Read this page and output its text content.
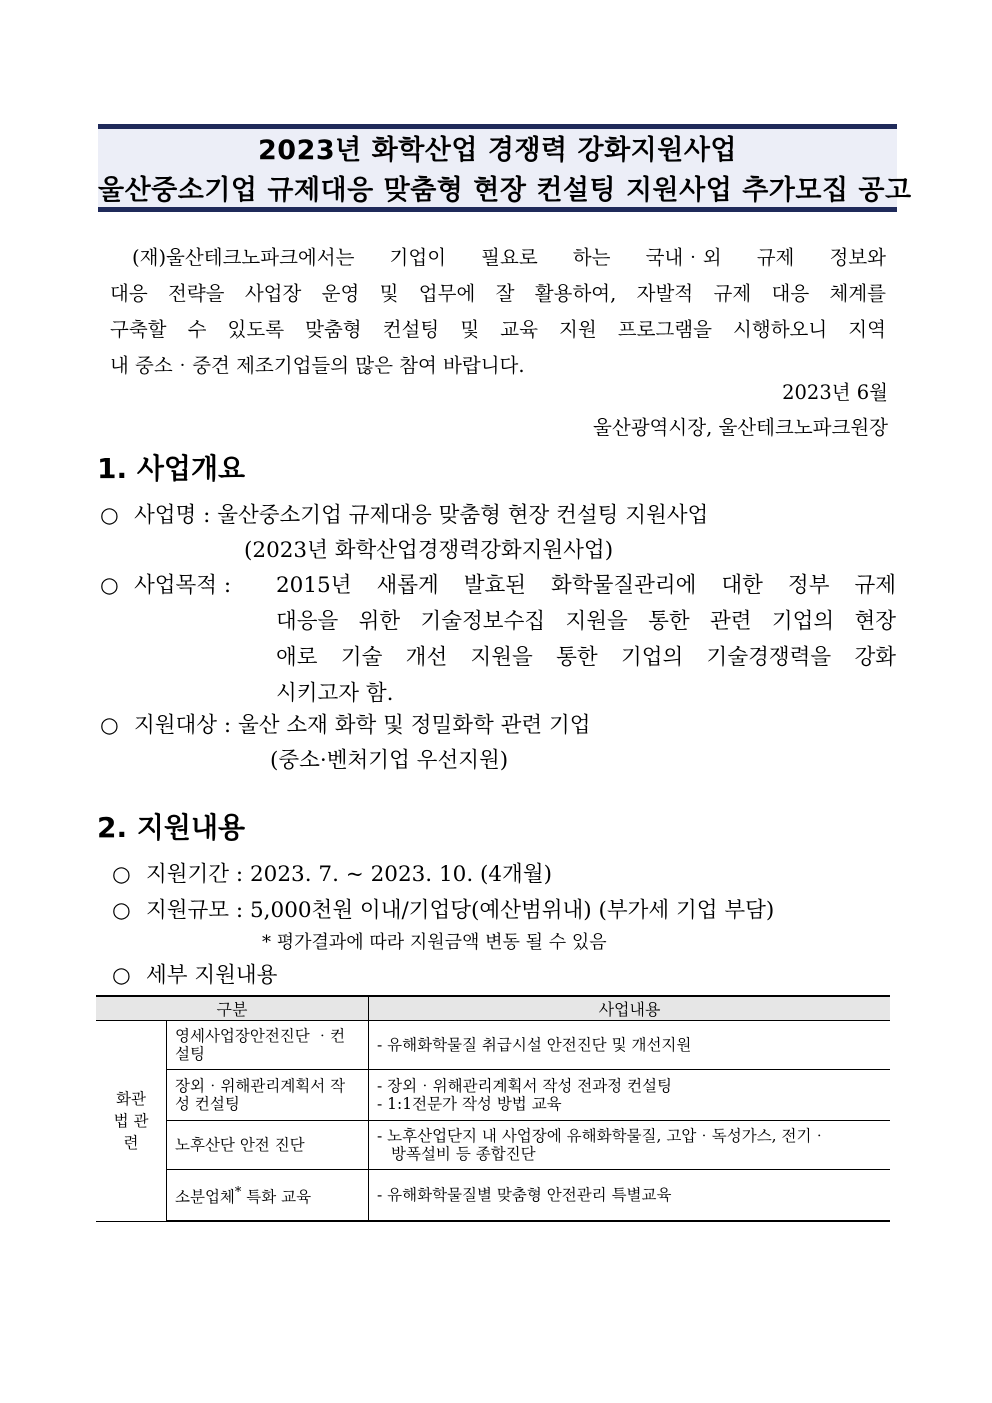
2023년 화학산업 경쟁력 강화지원사업
울산중소기업 규제대응 맞춤형 현장 컨설팅 지원사업 추가모집 공고

(재)울산테크노파크에서는 기업이 필요로 하는 국내‧외 규제 정보와
대응 전략을 사업장 운영 및 업무에 잘 활용하여, 자발적 규제 대응 체계를
구축할 수 있도록 맞춤형 컨설팅 및 교육 지원 프로그램을 시행하오니 지역

내 중소‧중견 제조기업들의 많은 참여 바랍니다.

2023년 6월
울산광역시장, 울산테크노파크원장
1. 사업개요
○ 사업명 : 울산중소기업 규제대응 맞춤형 현장 컨설팅 지원사업
(2023년 화학산업경쟁력강화지원사업)
○ 사업목적 : 2015년 새롭게 발효된 화학물질관리에 대한 정부 규제
대응을 위한 기술정보수집 지원을 통한 관련 기업의 현장
애로 기술 개선 지원을 통한 기업의 기술경쟁력을 강화
시키고자 함.
○ 지원대상 : 울산 소재 화학 및 정밀화학 관련 기업
(중소·벤처기업 우선지원)
2. 지원내용
○ 지원기간 : 2023. 7. ~ 2023. 10. (4개월)
○ 지원규모 : 5,000천원 이내/기업당(예산범위내) (부가세 기업 부담)
* 평가결과에 따라 지원금액 변동 될 수 있음
○ 세부 지원내용
구분		사업내용
화관법 관련	영세사업장안전진단 ‧컨설팅	- 유해화학물질 취급시설 안전진단 및 개선지원
	장외‧위해관리계획서 작성 컨설팅	- 장외‧위해관리계획서 작성 전과정 컨설팅
- 1:1전문가 작성 방법 교육

	노후산단 안전 진단	- 노후산업단지 내 사업장에 유해화학물질, 고압‧독성가스, 전기‧
방폭설비 등 종합진단

	소분업체* 특화 교육	- 유해화학물질별 맞춤형 안전관리 특별교육
